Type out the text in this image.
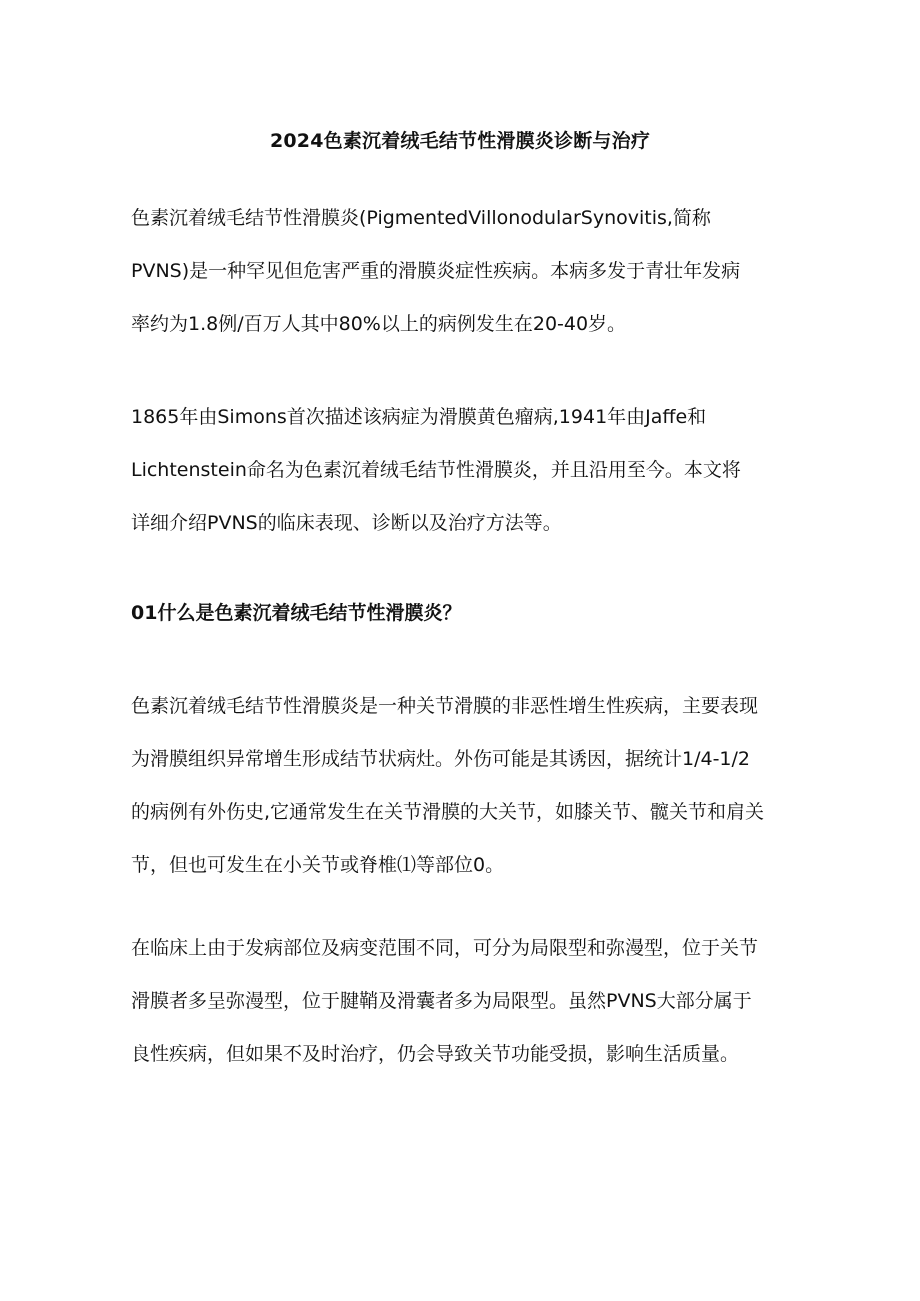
2024色素沉着绒毛结节性滑膜炎诊断与治疗
色素沉着绒毛结节性滑膜炎(PigmentedVillonodularSynovitis,简称
PVNS)是一种罕见但危害严重的滑膜炎症性疾病。本病多发于青壮年发病
率约为1.8例/百万人其中80%以上的病例发生在20-40岁。
1865年由Simons首次描述该病症为滑膜黄色瘤病,1941年由Jaffe和
Lichtenstein命名为色素沉着绒毛结节性滑膜炎，并且沿用至今。本文将
详细介绍PVNS的临床表现、诊断以及治疗方法等。
01什么是色素沉着绒毛结节性滑膜炎？
色素沉着绒毛结节性滑膜炎是一种关节滑膜的非恶性增生性疾病，主要表现
为滑膜组织异常增生形成结节状病灶。外伤可能是其诱因，据统计1/4-1/2
的病例有外伤史,它通常发生在关节滑膜的大关节，如膝关节、髋关节和肩关
节，但也可发生在小关节或脊椎⑴等部位0。
在临床上由于发病部位及病变范围不同，可分为局限型和弥漫型，位于关节
滑膜者多呈弥漫型，位于腱鞘及滑囊者多为局限型。虽然PVNS大部分属于
良性疾病，但如果不及时治疗，仍会导致关节功能受损，影响生活质量。
